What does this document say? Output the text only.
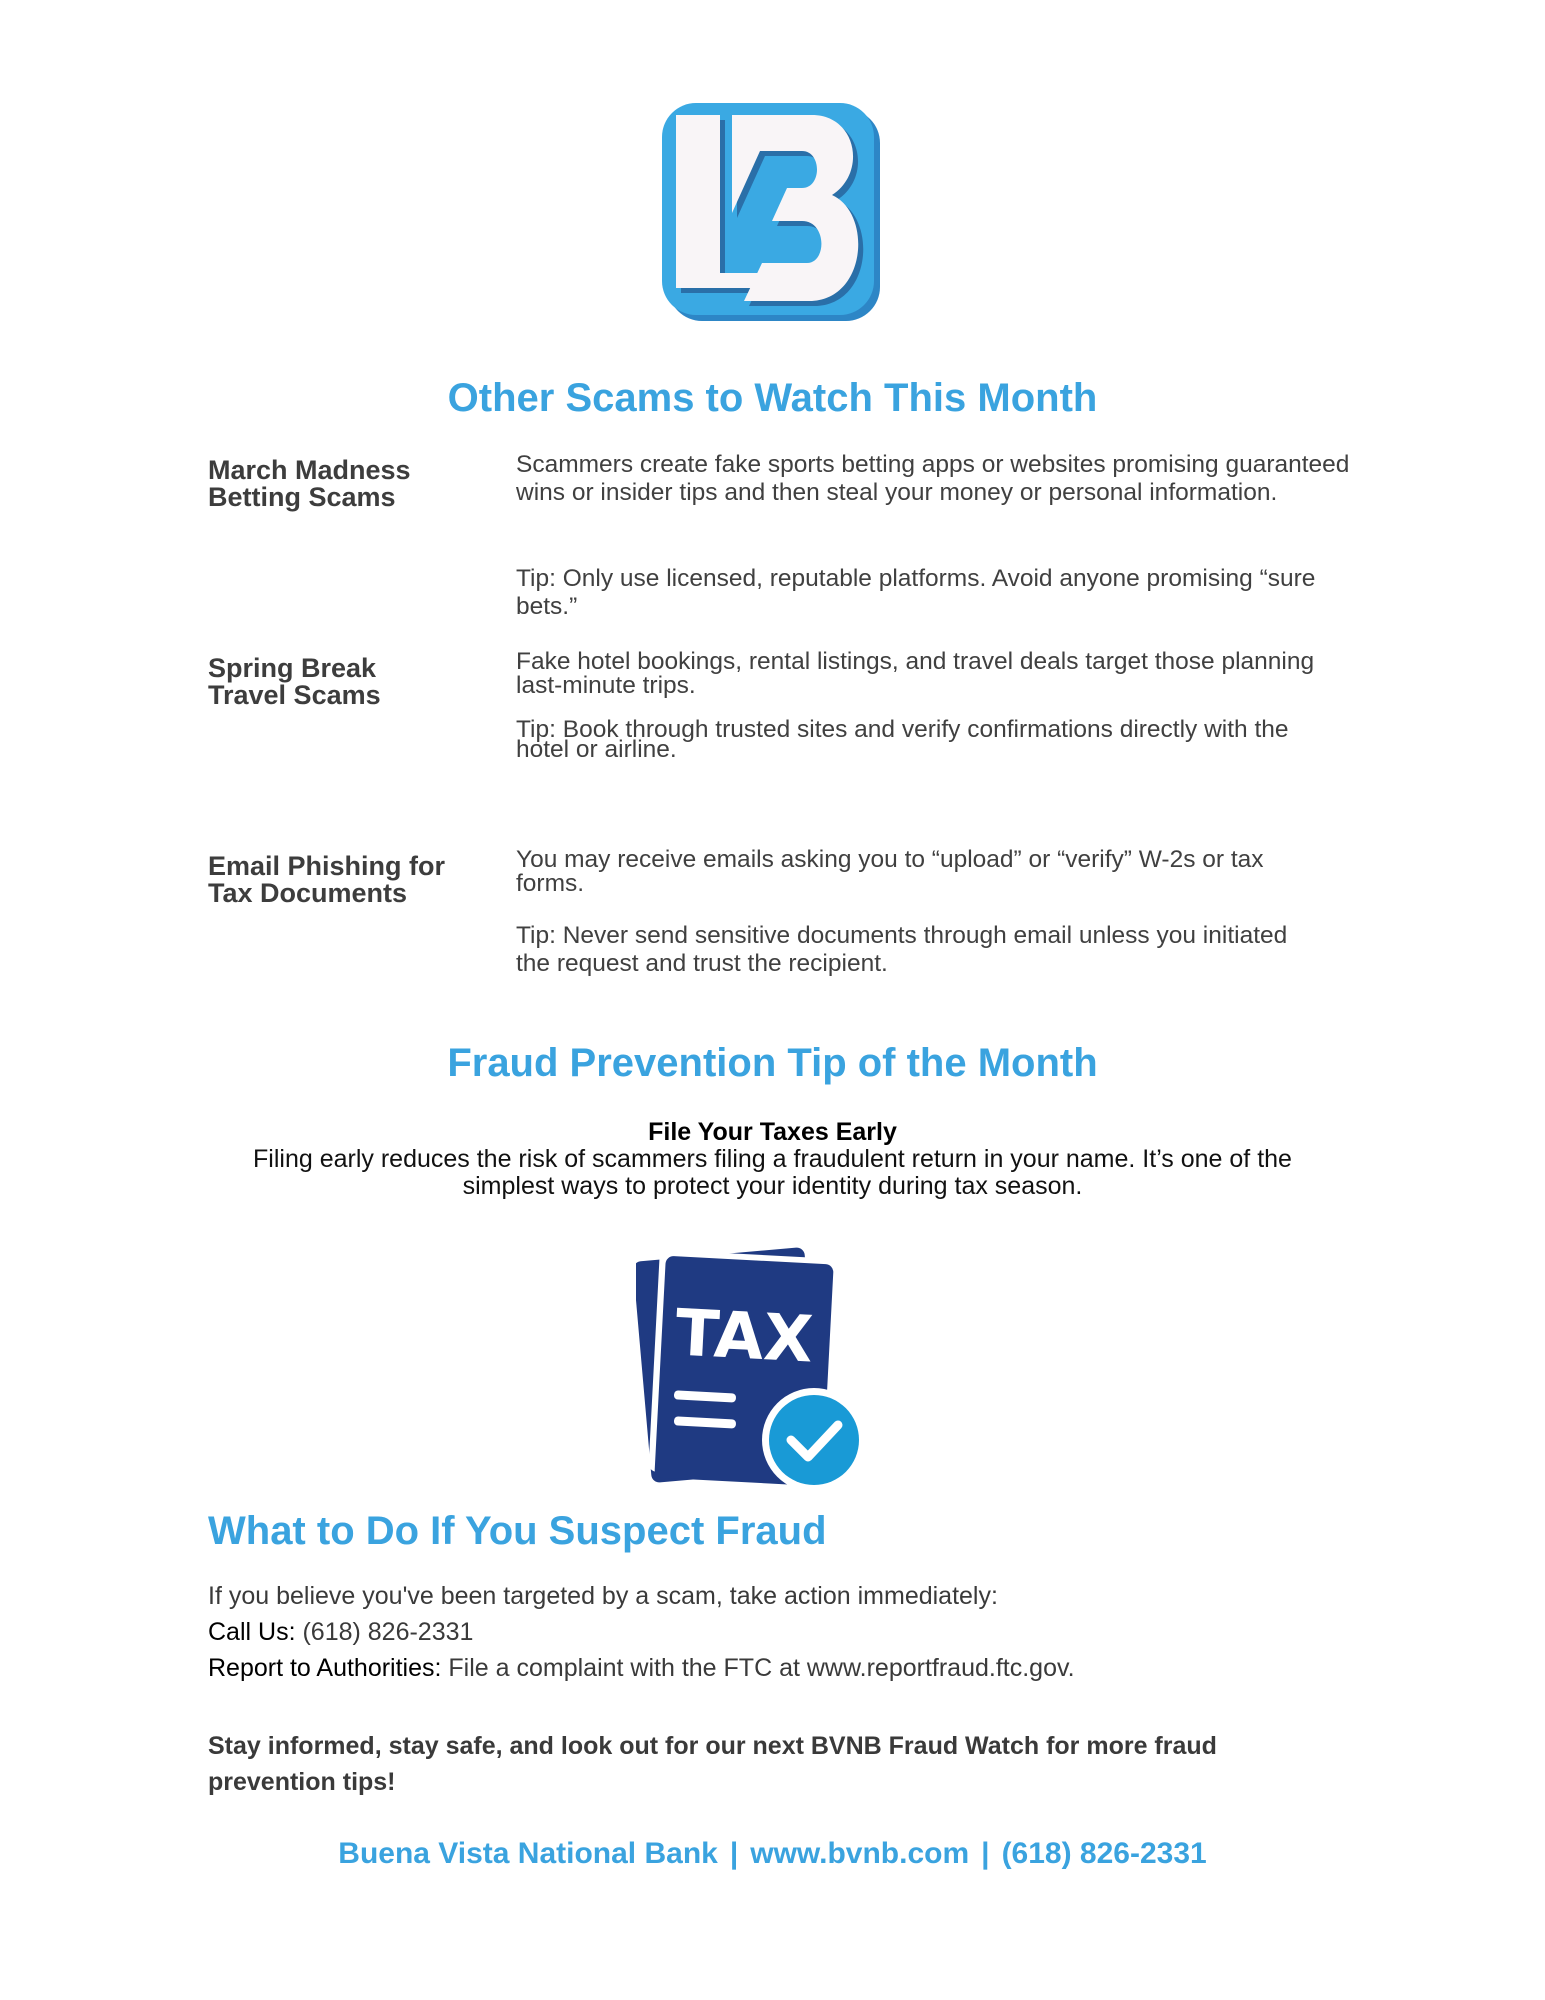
Other Scams to Watch This Month
March Madness
Betting Scams
Scammers create fake sports betting apps or websites promising guaranteed wins or insider tips and then steal your money or personal information.
Tip: Only use licensed, reputable platforms. Avoid anyone promising “sure bets.”
Spring Break
Travel Scams
Fake hotel bookings, rental listings, and travel deals target those planning last-minute trips.
Tip: Book through trusted sites and verify confirmations directly with the hotel or airline.
Email Phishing for
Tax Documents
You may receive emails asking you to “upload” or “verify” W-2s or tax forms.
Tip: Never send sensitive documents through email unless you initiated the request and trust the recipient.
Fraud Prevention Tip of the Month
File Your Taxes Early
Filing early reduces the risk of scammers filing a fraudulent return in your name. It’s one of the simplest ways to protect your identity during tax season.
TAX
What to Do If You Suspect Fraud
If you believe you've been targeted by a scam, take action immediately:
Call Us: (618) 826-2331
Report to Authorities: File a complaint with the FTC at www.reportfraud.ftc.gov.
Stay informed, stay safe, and look out for our next BVNB Fraud Watch for more fraud prevention tips!
Buena Vista National Bank | www.bvnb.com | (618) 826-2331
